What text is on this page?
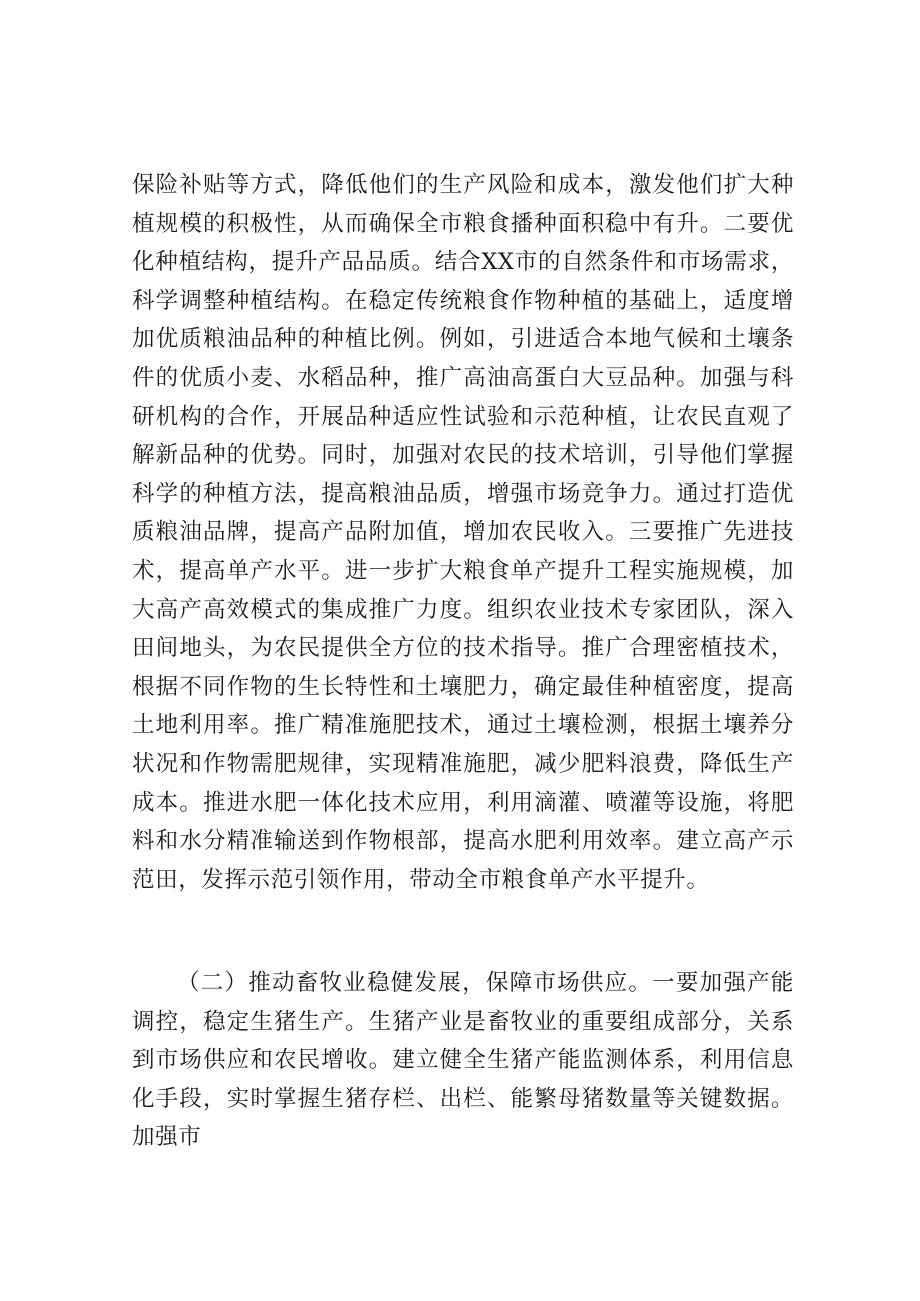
保险补贴等方式，降低他们的生产风险和成本，激发他们扩大种植规模的积极性，从而确保全市粮食播种面积稳中有升。二要优化种植结构，提升产品品质。结合XX市的自然条件和市场需求，科学调整种植结构。在稳定传统粮食作物种植的基础上，适度增加优质粮油品种的种植比例。例如，引进适合本地气候和土壤条件的优质小麦、水稻品种，推广高油高蛋白大豆品种。加强与科研机构的合作，开展品种适应性试验和示范种植，让农民直观了解新品种的优势。同时，加强对农民的技术培训，引导他们掌握科学的种植方法，提高粮油品质，增强市场竞争力。通过打造优质粮油品牌，提高产品附加值，增加农民收入。三要推广先进技术，提高单产水平。进一步扩大粮食单产提升工程实施规模，加大高产高效模式的集成推广力度。组织农业技术专家团队，深入田间地头，为农民提供全方位的技术指导。推广合理密植技术，根据不同作物的生长特性和土壤肥力，确定最佳种植密度，提高土地利用率。推广精准施肥技术，通过土壤检测，根据土壤养分状况和作物需肥规律，实现精准施肥，减少肥料浪费，降低生产成本。推进水肥一体化技术应用，利用滴灌、喷灌等设施，将肥料和水分精准输送到作物根部，提高水肥利用效率。建立高产示范田，发挥示范引领作用，带动全市粮食单产水平提升。

（二）推动畜牧业稳健发展，保障市场供应。一要加强产能调控，稳定生猪生产。生猪产业是畜牧业的重要组成部分，关系到市场供应和农民增收。建立健全生猪产能监测体系，利用信息化手段，实时掌握生猪存栏、出栏、能繁母猪数量等关键数据。加强市
